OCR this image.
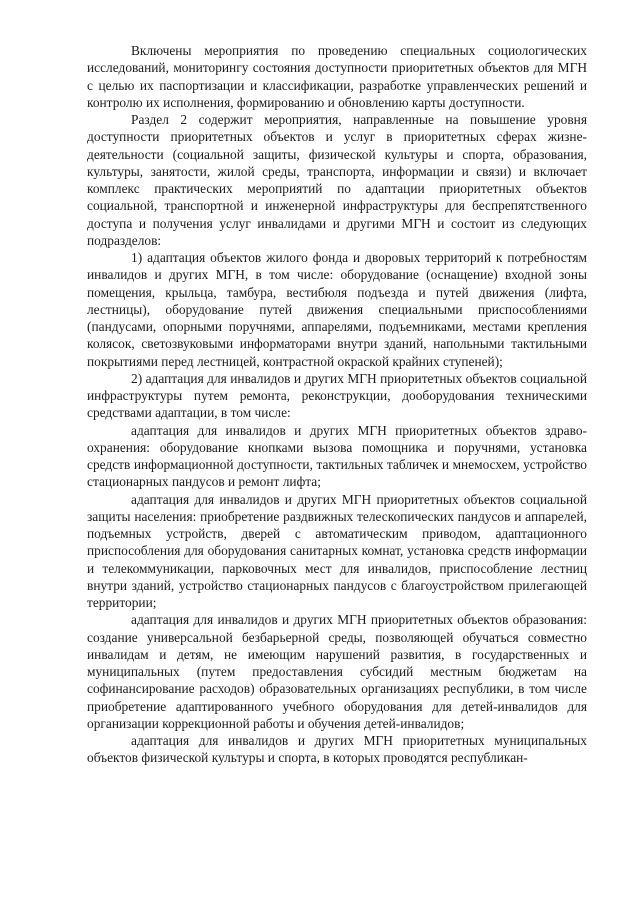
Включены мероприятия по проведению специальных социологических исследований, мониторингу состояния доступности приоритетных объектов для МГН с целью их паспортизации и классификации, разработке управленческих решений и контролю их исполнения, формированию и обновлению карты доступности.

Раздел 2 содержит мероприятия, направленные на повышение уровня доступности приоритетных объектов и услуг в приоритетных сферах жизнедеятельности (социальной защиты, физической культуры и спорта, образования, культуры, занятости, жилой среды, транспорта, информации и связи) и включает комплекс практических мероприятий по адаптации приоритетных объектов социальной, транспортной и инженерной инфраструктуры для беспрепятственного доступа и получения услуг инвалидами и другими МГН и состоит из следующих подразделов:

1) адаптация объектов жилого фонда и дворовых территорий к потребностям инвалидов и других МГН, в том числе: оборудование (оснащение) входной зоны помещения, крыльца, тамбура, вестибюля подъезда и путей движения (лифта, лестницы), оборудование путей движения специальными приспособлениями (пандусами, опорными поручнями, аппарелями, подъемниками, местами крепления колясок, светозвуковыми информаторами внутри зданий, напольными тактильными покрытиями перед лестницей, контрастной окраской крайних ступеней);

2) адаптация для инвалидов и других МГН приоритетных объектов социальной инфраструктуры путем ремонта, реконструкции, дооборудования техническими средствами адаптации, в том числе:

адаптация для инвалидов и других МГН приоритетных объектов здравоохранения: оборудование кнопками вызова помощника и поручнями, установка средств информационной доступности, тактильных табличек и мнемосхем, устройство стационарных пандусов и ремонт лифта;

адаптация для инвалидов и других МГН приоритетных объектов социальной защиты населения: приобретение раздвижных телескопических пандусов и аппарелей, подъемных устройств, дверей с автоматическим приводом, адаптационного приспособления для оборудования санитарных комнат, установка средств информации и телекоммуникации, парковочных мест для инвалидов, приспособление лестниц внутри зданий, устройство стационарных пандусов с благоустройством прилегающей территории;

адаптация для инвалидов и других МГН приоритетных объектов образования: создание универсальной безбарьерной среды, позволяющей обучаться совместно инвалидам и детям, не имеющим нарушений развития, в государственных и муниципальных (путем предоставления субсидий местным бюджетам на софинансирование расходов) образовательных организациях республики, в том числе приобретение адаптированного учебного оборудования для детей-инвалидов для организации коррекционной работы и обучения детей-инвалидов;

адаптация для инвалидов и других МГН приоритетных муниципальных объектов физической культуры и спорта, в которых проводятся республикан-
